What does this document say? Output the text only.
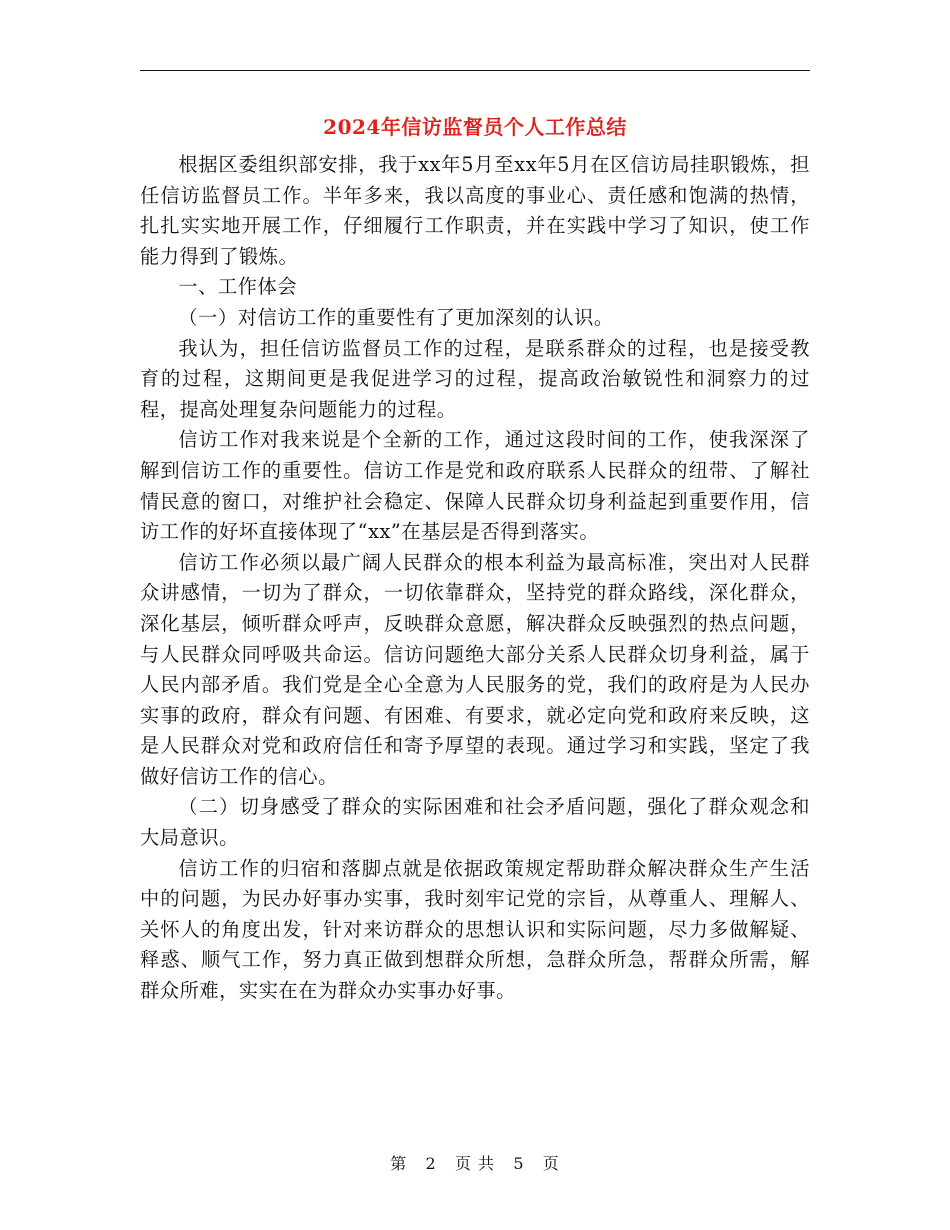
2024年信访监督员个人工作总结

根据区委组织部安排，我于xx年5月至xx年5月在区信访局挂职锻炼，担任信访监督员工作。半年多来，我以高度的事业心、责任感和饱满的热情，扎扎实实地开展工作，仔细履行工作职责，并在实践中学习了知识，使工作能力得到了锻炼。

一、工作体会

（一）对信访工作的重要性有了更加深刻的认识。

我认为，担任信访监督员工作的过程，是联系群众的过程，也是接受教育的过程，这期间更是我促进学习的过程，提高政治敏锐性和洞察力的过程，提高处理复杂问题能力的过程。

信访工作对我来说是个全新的工作，通过这段时间的工作，使我深深了解到信访工作的重要性。信访工作是党和政府联系人民群众的纽带、了解社情民意的窗口，对维护社会稳定、保障人民群众切身利益起到重要作用，信访工作的好坏直接体现了“xx”在基层是否得到落实。

信访工作必须以最广阔人民群众的根本利益为最高标准，突出对人民群众讲感情，一切为了群众，一切依靠群众，坚持党的群众路线，深化群众，深化基层，倾听群众呼声，反映群众意愿，解决群众反映强烈的热点问题，与人民群众同呼吸共命运。信访问题绝大部分关系人民群众切身利益，属于人民内部矛盾。我们党是全心全意为人民服务的党，我们的政府是为人民办实事的政府，群众有问题、有困难、有要求，就必定向党和政府来反映，这是人民群众对党和政府信任和寄予厚望的表现。通过学习和实践，坚定了我做好信访工作的信心。

（二）切身感受了群众的实际困难和社会矛盾问题，强化了群众观念和大局意识。

信访工作的归宿和落脚点就是依据政策规定帮助群众解决群众生产生活中的问题，为民办好事办实事，我时刻牢记党的宗旨，从尊重人、理解人、关怀人的角度出发，针对来访群众的思想认识和实际问题，尽力多做解疑、释惑、顺气工作，努力真正做到想群众所想，急群众所急，帮群众所需，解群众所难，实实在在为群众办实事办好事。

第 2 页 共 5 页
